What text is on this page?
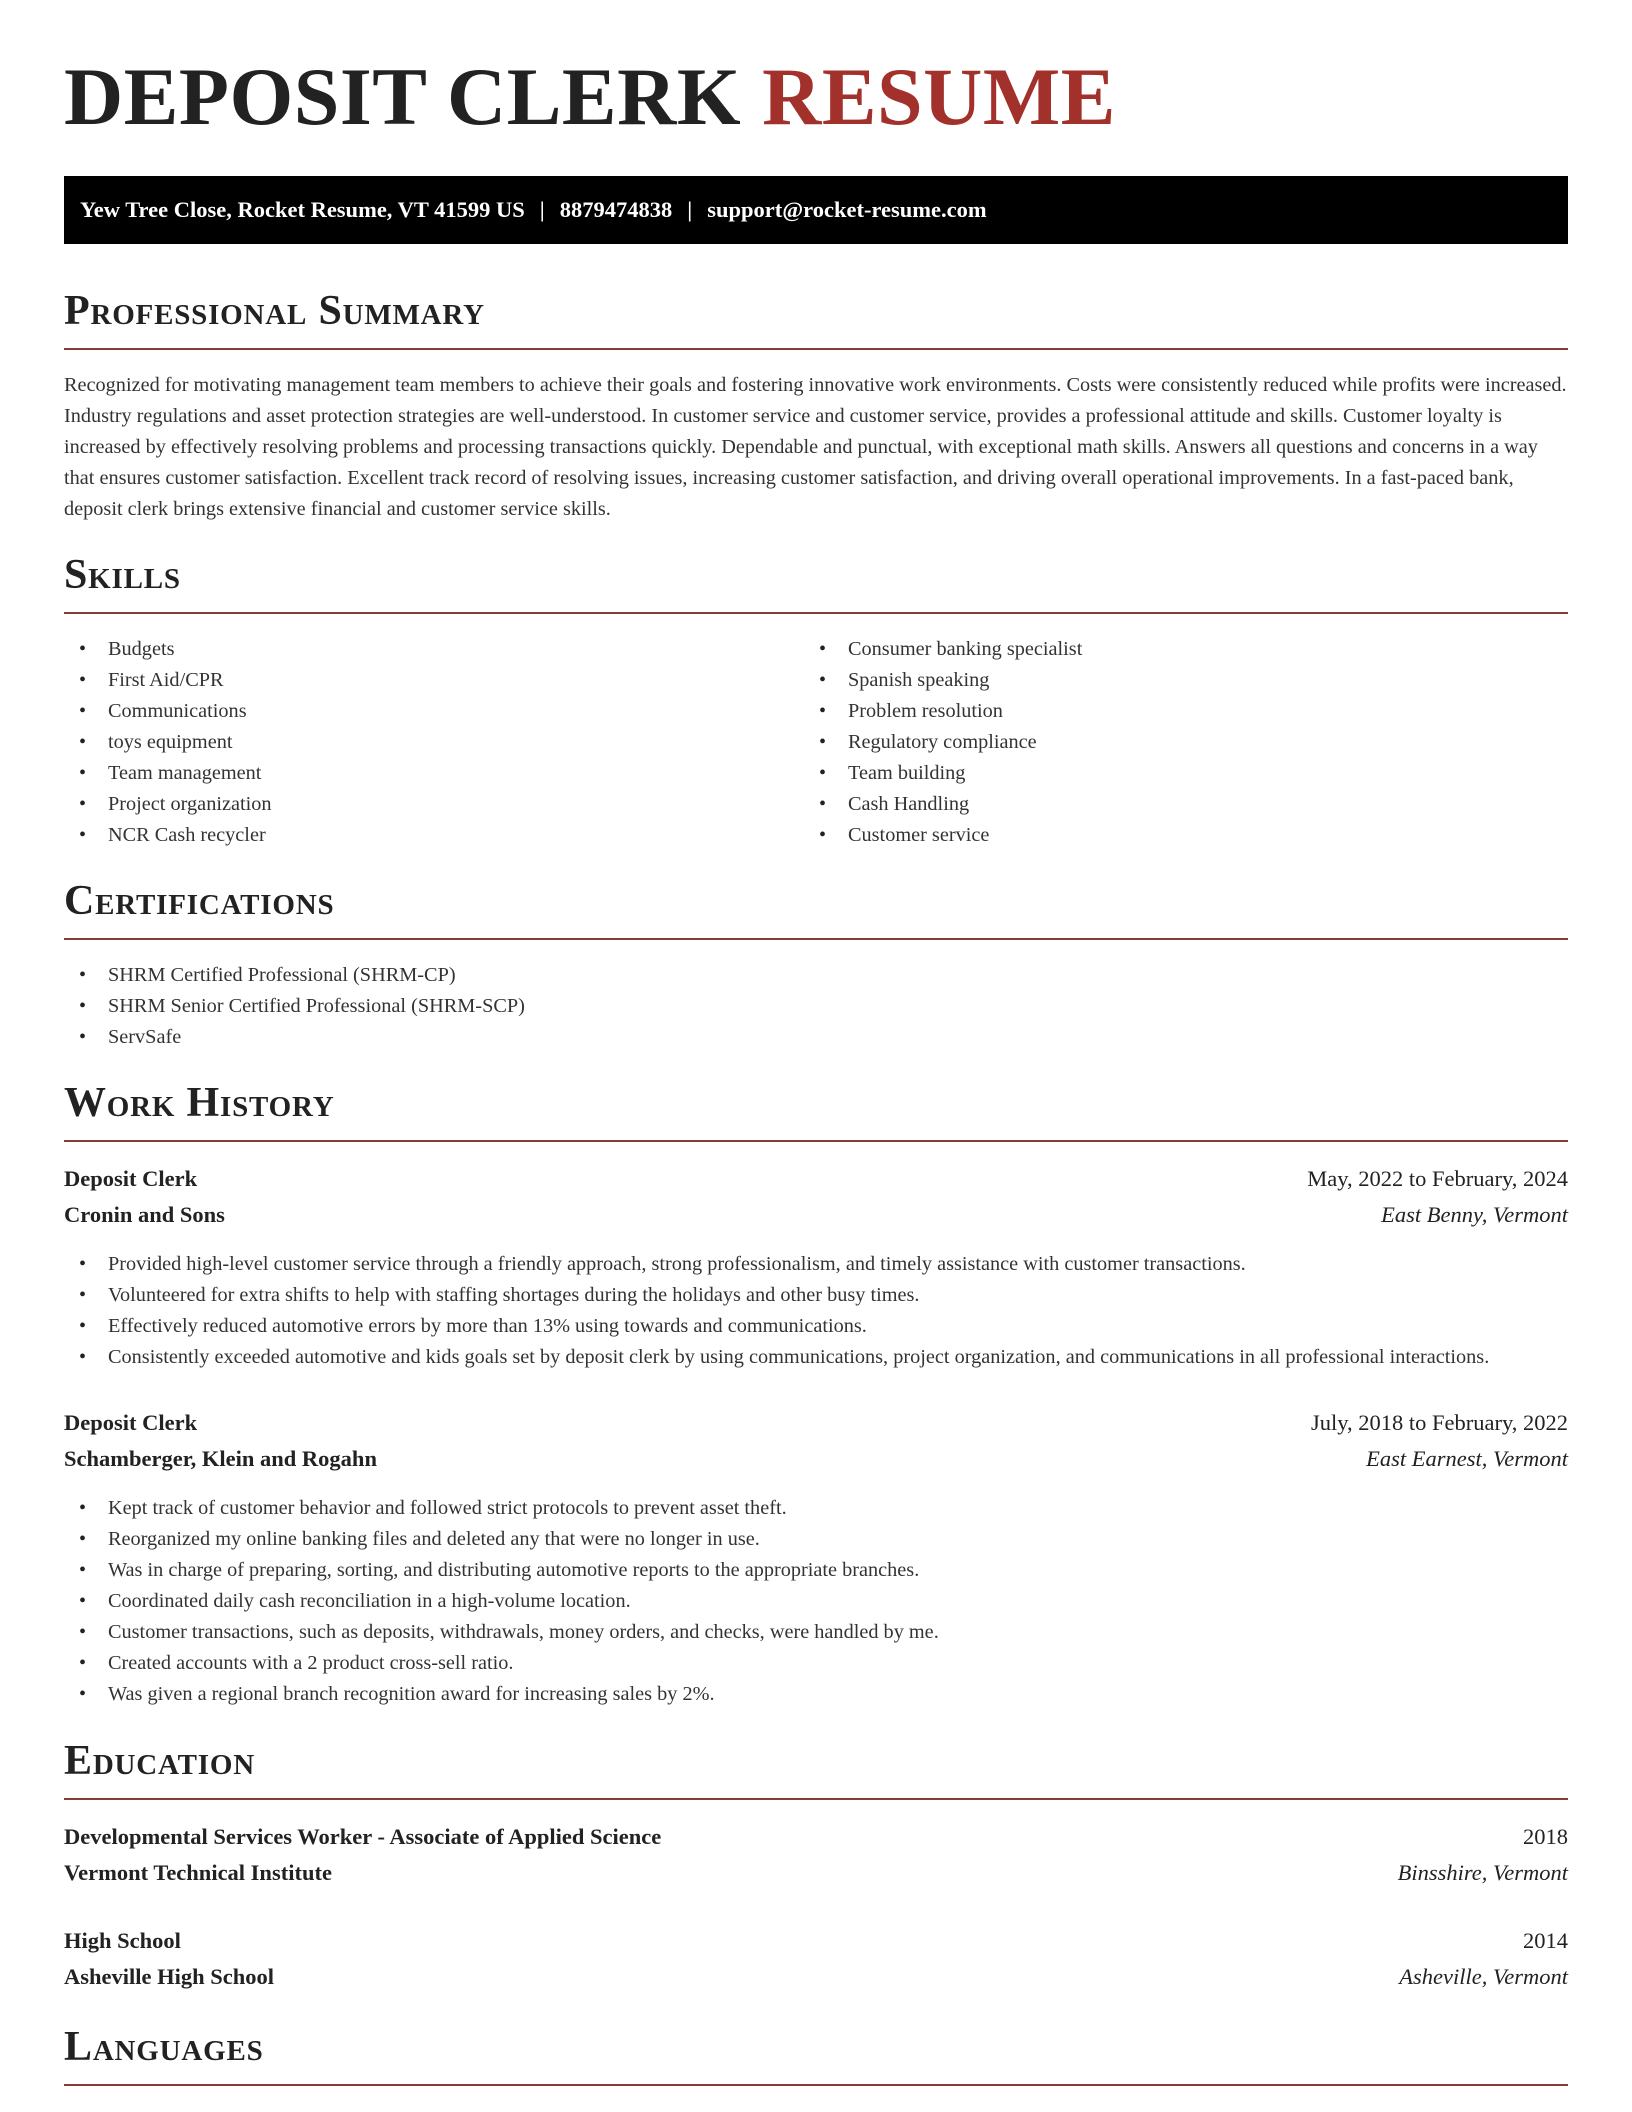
DEPOSIT CLERK RESUME
Yew Tree Close, Rocket Resume, VT 41599 US | 8879474838 | support@rocket-resume.com
Professional Summary

Recognized for motivating management team members to achieve their goals and fostering innovative work environments. Costs were consistently reduced while profits were increased. Industry regulations and asset protection strategies are well-understood. In customer service and customer service, provides a professional attitude and skills. Customer loyalty is increased by effectively resolving problems and processing transactions quickly. Dependable and punctual, with exceptional math skills. Answers all questions and concerns in a way that ensures customer satisfaction. Excellent track record of resolving issues, increasing customer satisfaction, and driving overall operational improvements. In a fast-paced bank, deposit clerk brings extensive financial and customer service skills.

Skills
• Budgets
• First Aid/CPR
• Communications
• toys equipment
• Team management
• Project organization
• NCR Cash recycler
• Consumer banking specialist
• Spanish speaking
• Problem resolution
• Regulatory compliance
• Team building
• Cash Handling
• Customer service
Certifications
• SHRM Certified Professional (SHRM-CP)
• SHRM Senior Certified Professional (SHRM-SCP)
• ServSafe
Work History
Deposit Clerk	May, 2022 to February, 2024
Cronin and Sons	East Benny, Vermont
• Provided high-level customer service through a friendly approach, strong professionalism, and timely assistance with customer transactions.
• Volunteered for extra shifts to help with staffing shortages during the holidays and other busy times.
• Effectively reduced automotive errors by more than 13% using towards and communications.
• Consistently exceeded automotive and kids goals set by deposit clerk by using communications, project organization, and communications in all professional interactions.
Deposit Clerk	July, 2018 to February, 2022
Schamberger, Klein and Rogahn	East Earnest, Vermont
• Kept track of customer behavior and followed strict protocols to prevent asset theft.
• Reorganized my online banking files and deleted any that were no longer in use.
• Was in charge of preparing, sorting, and distributing automotive reports to the appropriate branches.
• Coordinated daily cash reconciliation in a high-volume location.
• Customer transactions, such as deposits, withdrawals, money orders, and checks, were handled by me.
• Created accounts with a 2 product cross-sell ratio.
• Was given a regional branch recognition award for increasing sales by 2%.
Education
Developmental Services Worker - Associate of Applied Science	2018
Vermont Technical Institute	Binsshire, Vermont
High School	2014
Asheville High School	Asheville, Vermont
Languages
